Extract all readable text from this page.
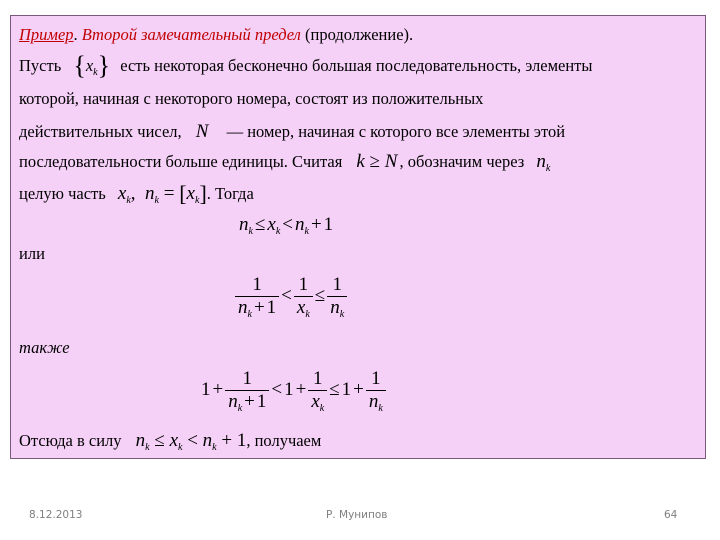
Пример. Второй замечательный предел (продолжение).
Пусть $\{x_k\}$ есть некоторая бесконечно большая последовательность, элементы
которой, начиная с некоторого номера, состоят из положительных
действительных чисел, N — номер, начиная с которого все элементы этой
последовательности больше единицы. Считая k ≥ N , обозначим через $n_k$
целую часть $x_k$,  $n_k = [x_k]$. Тогда
$n_k \le x_k < n_k + 1$
или
$\frac{1}{n_k + 1} < \frac{1}{x_k} \le \frac{1}{n_k}$
также
$1 + \frac{1}{n_k + 1} < 1 + \frac{1}{x_k} \le 1 + \frac{1}{n_k}$
Отсюда в силу $n_k \le x_k < n_k + 1$, получаем
8.12.2013	Р. Мунипов	64
